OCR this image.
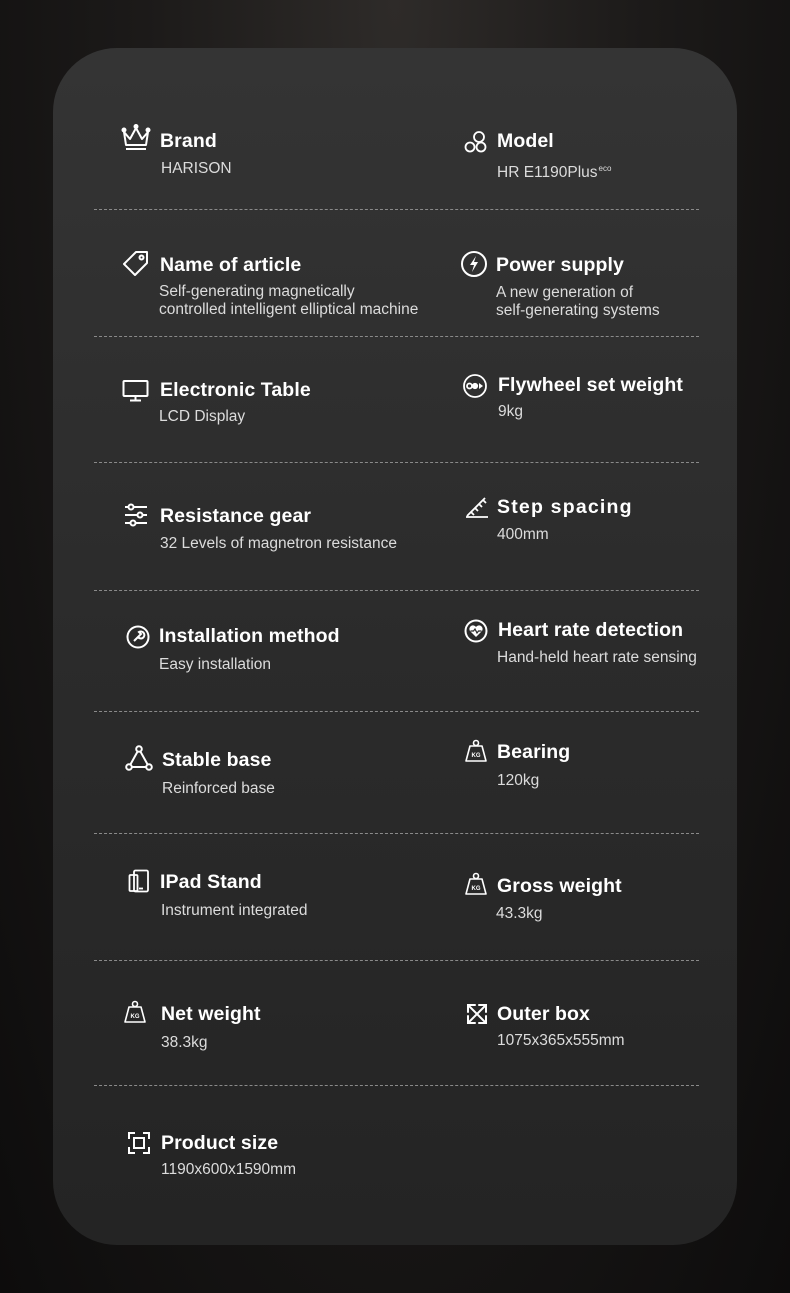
Brand
HARISON
Model
HR E1190Plus$^{eco}$
Name of article
Self-generating magnetically
controlled intelligent elliptical machine
Power supply
A new generation of
self-generating systems
Electronic Table
LCD Display
Flywheel set weight
9kg
Resistance gear
32 Levels of magnetron resistance
Step spacing
400mm
Installation method
Easy installation
Heart rate detection
Hand-held heart rate sensing
Stable base
Reinforced base
KG Bearing
120kg
IPad Stand
Instrument integrated
KG Gross weight
43.3kg
KG Net weight
38.3kg
Outer box
1075x365x555mm
Product size
1190x600x1590mm
